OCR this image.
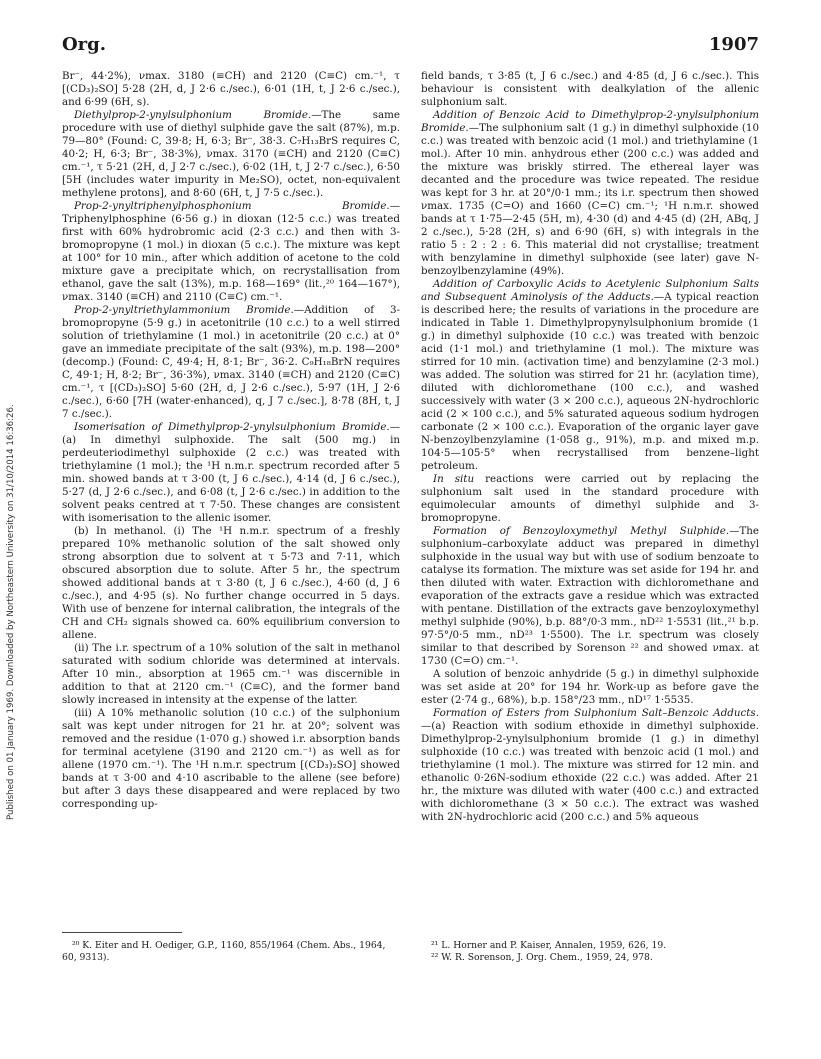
Org.	1907
Published on 01 January 1969. Downloaded by Northeastern University on 31/10/2014 16:36:26.

Br⁻, 44·2%), νmax. 3180 (≡CH) and 2120 (C≡C) cm.⁻¹, τ [(CD₃)₂SO] 5·28 (2H, d, J 2·6 c./sec.), 6·01 (1H, t, J 2·6 c./sec.), and 6·99 (6H, s).

Diethylprop-2-ynylsulphonium Bromide.—The same procedure with use of diethyl sulphide gave the salt (87%), m.p. 79—80° (Found: C, 39·8; H, 6·3; Br⁻, 38·3. C₇H₁₃BrS requires C, 40·2; H, 6·3; Br⁻, 38·3%), νmax. 3170 (≡CH) and 2120 (C≡C) cm.⁻¹, τ 5·21 (2H, d, J 2·7 c./sec.), 6·02 (1H, t, J 2·7 c./sec.), 6·50 [5H (includes water impurity in Me₂SO), octet, non-equivalent methylene protons], and 8·60 (6H, t, J 7·5 c./sec.).

Prop-2-ynyltriphenylphosphonium Bromide.—Triphenylphosphine (6·56 g.) in dioxan (12·5 c.c.) was treated first with 60% hydrobromic acid (2·3 c.c.) and then with 3-bromopropyne (1 mol.) in dioxan (5 c.c.). The mixture was kept at 100° for 10 min., after which addition of acetone to the cold mixture gave a precipitate which, on recrystallisation from ethanol, gave the salt (13%), m.p. 168—169° (lit.,²⁰ 164—167°), νmax. 3140 (≡CH) and 2110 (C≡C) cm.⁻¹.

Prop-2-ynyltriethylammonium Bromide.—Addition of 3-bromopropyne (5·9 g.) in acetonitrile (10 c.c.) to a well stirred solution of triethylamine (1 mol.) in acetonitrile (20 c.c.) at 0° gave an immediate precipitate of the salt (93%), m.p. 198—200° (decomp.) (Found: C, 49·4; H, 8·1; Br⁻, 36·2. C₉H₁₈BrN requires C, 49·1; H, 8·2; Br⁻, 36·3%), νmax. 3140 (≡CH) and 2120 (C≡C) cm.⁻¹, τ [(CD₃)₂SO] 5·60 (2H, d, J 2·6 c./sec.), 5·97 (1H, J 2·6 c./sec.), 6·60 [7H (water-enhanced), q, J 7 c./sec.], 8·78 (8H, t, J 7 c./sec.).

Isomerisation of Dimethylprop-2-ynylsulphonium Bromide.—(a) In dimethyl sulphoxide. The salt (500 mg.) in perdeuteriodimethyl sulphoxide (2 c.c.) was treated with triethylamine (1 mol.); the ¹H n.m.r. spectrum recorded after 5 min. showed bands at τ 3·00 (t, J 6 c./sec.), 4·14 (d, J 6 c./sec.), 5·27 (d, J 2·6 c./sec.), and 6·08 (t, J 2·6 c./sec.) in addition to the solvent peaks centred at τ 7·50. These changes are consistent with isomerisation to the allenic isomer.

(b) In methanol. (i) The ¹H n.m.r. spectrum of a freshly prepared 10% methanolic solution of the salt showed only strong absorption due to solvent at τ 5·73 and 7·11, which obscured absorption due to solute. After 5 hr., the spectrum showed additional bands at τ 3·80 (t, J 6 c./sec.), 4·60 (d, J 6 c./sec.), and 4·95 (s). No further change occurred in 5 days. With use of benzene for internal calibration, the integrals of the CH and CH₂ signals showed ca. 60% equilibrium conversion to allene.

(ii) The i.r. spectrum of a 10% solution of the salt in methanol saturated with sodium chloride was determined at intervals. After 10 min., absorption at 1965 cm.⁻¹ was discernible in addition to that at 2120 cm.⁻¹ (C≡C), and the former band slowly increased in intensity at the expense of the latter.

(iii) A 10% methanolic solution (10 c.c.) of the sulphonium salt was kept under nitrogen for 21 hr. at 20°; solvent was removed and the residue (1·070 g.) showed i.r. absorption bands for terminal acetylene (3190 and 2120 cm.⁻¹) as well as for allene (1970 cm.⁻¹). The ¹H n.m.r. spectrum [(CD₃)₂SO] showed bands at τ 3·00 and 4·10 ascribable to the allene (see before) but after 3 days these disappeared and were replaced by two corresponding up-

field bands, τ 3·85 (t, J 6 c./sec.) and 4·85 (d, J 6 c./sec.). This behaviour is consistent with dealkylation of the allenic sulphonium salt.

Addition of Benzoic Acid to Dimethylprop-2-ynylsulphonium Bromide.—The sulphonium salt (1 g.) in dimethyl sulphoxide (10 c.c.) was treated with benzoic acid (1 mol.) and triethylamine (1 mol.). After 10 min. anhydrous ether (200 c.c.) was added and the mixture was briskly stirred. The ethereal layer was decanted and the procedure was twice repeated. The residue was kept for 3 hr. at 20°/0·1 mm.; its i.r. spectrum then showed νmax. 1735 (C=O) and 1660 (C=C) cm.⁻¹; ¹H n.m.r. showed bands at τ 1·75—2·45 (5H, m), 4·30 (d) and 4·45 (d) (2H, ABq, J 2 c./sec.), 5·28 (2H, s) and 6·90 (6H, s) with integrals in the ratio 5 : 2 : 2 : 6. This material did not crystallise; treatment with benzylamine in dimethyl sulphoxide (see later) gave N-benzoylbenzylamine (49%).

Addition of Carboxylic Acids to Acetylenic Sulphonium Salts and Subsequent Aminolysis of the Adducts.—A typical reaction is described here; the results of variations in the procedure are indicated in Table 1. Dimethylpropynylsulphonium bromide (1 g.) in dimethyl sulphoxide (10 c.c.) was treated with benzoic acid (1·1 mol.) and triethylamine (1 mol.). The mixture was stirred for 10 min. (activation time) and benzylamine (2·3 mol.) was added. The solution was stirred for 21 hr. (acylation time), diluted with dichloromethane (100 c.c.), and washed successively with water (3 × 200 c.c.), aqueous 2N-hydrochloric acid (2 × 100 c.c.), and 5% saturated aqueous sodium hydrogen carbonate (2 × 100 c.c.). Evaporation of the organic layer gave N-benzoylbenzylamine (1·058 g., 91%), m.p. and mixed m.p. 104·5—105·5° when recrystallised from benzene–light petroleum.

In situ reactions were carried out by replacing the sulphonium salt used in the standard procedure with equimolecular amounts of dimethyl sulphide and 3-bromopropyne.

Formation of Benzoyloxymethyl Methyl Sulphide.—The sulphonium–carboxylate adduct was prepared in dimethyl sulphoxide in the usual way but with use of sodium benzoate to catalyse its formation. The mixture was set aside for 194 hr. and then diluted with water. Extraction with dichloromethane and evaporation of the extracts gave a residue which was extracted with pentane. Distillation of the extracts gave benzoyloxymethyl methyl sulphide (90%), b.p. 88°/0·3 mm., nD²² 1·5531 (lit.,²¹ b.p. 97·5°/0·5 mm., nD²³ 1·5500). The i.r. spectrum was closely similar to that described by Sorenson ²² and showed νmax. at 1730 (C=O) cm.⁻¹.

A solution of benzoic anhydride (5 g.) in dimethyl sulphoxide was set aside at 20° for 194 hr. Work-up as before gave the ester (2·74 g., 68%), b.p. 158°/23 mm., nD¹⁷ 1·5535.

Formation of Esters from Sulphonium Salt–Benzoic Adducts.—(a) Reaction with sodium ethoxide in dimethyl sulphoxide. Dimethylprop-2-ynylsulphonium bromide (1 g.) in dimethyl sulphoxide (10 c.c.) was treated with benzoic acid (1 mol.) and triethylamine (1 mol.). The mixture was stirred for 12 min. and ethanolic 0·26N-sodium ethoxide (22 c.c.) was added. After 21 hr., the mixture was diluted with water (400 c.c.) and extracted with dichloromethane (3 × 50 c.c.). The extract was washed with 2N-hydrochloric acid (200 c.c.) and 5% aqueous

²⁰ K. Eiter and H. Oediger, G.P., 1160, 855/1964 (Chem. Abs., 1964, 60, 9313).
²¹ L. Horner and P. Kaiser, Annalen, 1959, 626, 19.
²² W. R. Sorenson, J. Org. Chem., 1959, 24, 978.
